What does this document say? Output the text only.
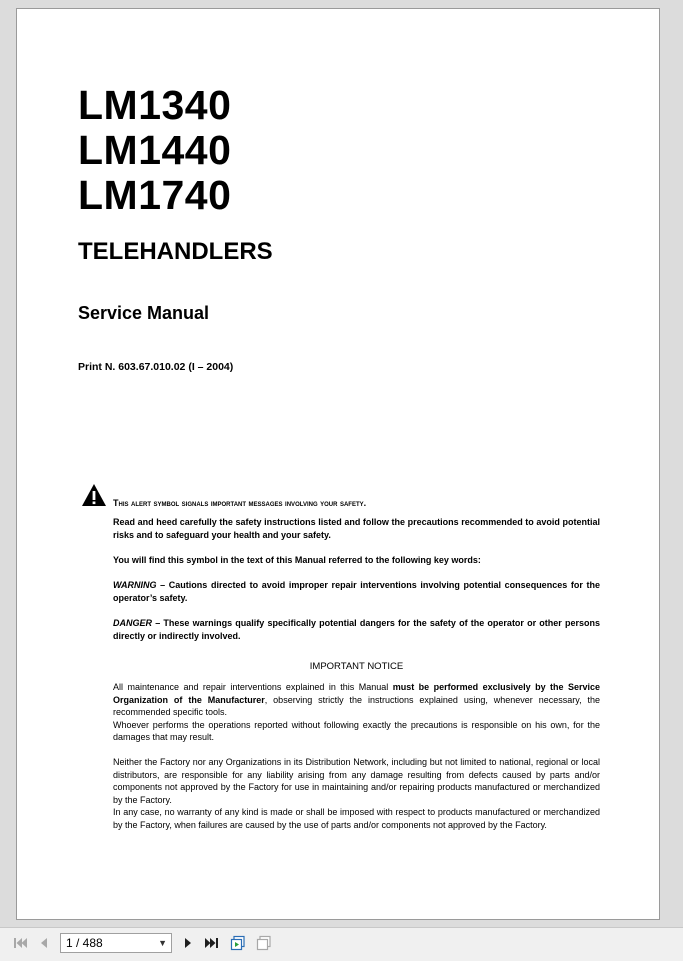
LM1340
LM1440
LM1740
TELEHANDLERS
Service Manual
Print N. 603.67.010.02 (I – 2004)
This alert symbol signals important messages involving your safety.
Read and heed carefully the safety instructions listed and follow the precautions recommended to avoid potential risks and to safeguard your health and your safety.
You will find this symbol in the text of this Manual referred to the following key words:
WARNING – Cautions directed to avoid improper repair interventions involving potential consequences for the operator’s safety.
DANGER – These warnings qualify specifically potential dangers for the safety of the operator or other persons directly or indirectly involved.
IMPORTANT NOTICE
All maintenance and repair interventions explained in this Manual must be performed exclusively by the Service Organization of the Manufacturer, observing strictly the instructions explained using, whenever necessary, the recommended specific tools.
Whoever performs the operations reported without following exactly the precautions is responsible on his own, for the damages that may result.
Neither the Factory nor any Organizations in its Distribution Network, including but not limited to national, regional or local distributors, are responsible for any liability arising from any damage resulting from defects caused by parts and/or components not approved by the Factory for use in maintaining and/or repairing products manufactured or merchandized by the Factory.
In any case, no warranty of any kind is made or shall be imposed with respect to products manufactured or merchandized by the Factory, when failures are caused by the use of parts and/or components not approved by the Factory.
1 / 488	▼
